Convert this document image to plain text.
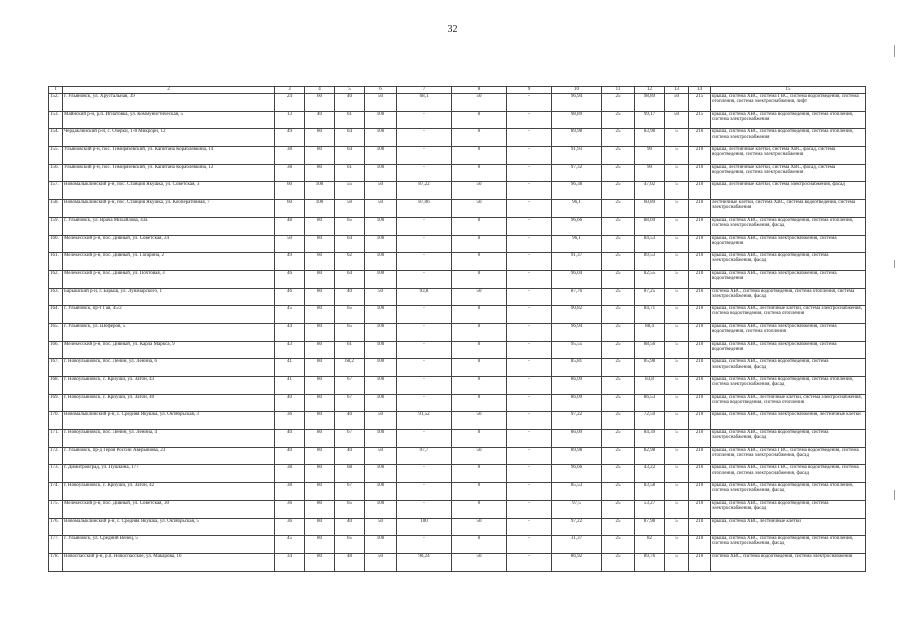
32
1	2	3	4	5	6	7	8	9	10	11	12	13	14	15
152.	г. Ульяновск, ул. Хрустальная, 39	24	60	40	50	68,1	50	-	96,94	25	98,89	50	215	крыша, система ХВС, система ГВС, система водоотведения, система отопления, система электроснабжения, лифт
153.	Майнский р-н, р.п. Игнатовка, ул. Коммунистическая, 5	13	40	61	100	-	0	-	98,89	25	99,17	50	215	крыша, система ХВС, система водоотведения, система отопления, система электроснабжения
154.	Чердаклинский р-н, с. Озёрки, 1-й Микрорн, 12	49	80	64	100	-	0	-	89,98	25	83,98	5	210	крыша, система ХВС, система водоотведения, система отопления, система электроснабжения
155.	Ульяновский р-н, пос. Тимирязевский, ул. Капитана Кораблёвкина, 14	38	80	64	100	-	0	-	91,93	25	90	5	210	крыша, лестничные клетки, система ХВС, фасад, система водоотведения, система электроснабжения
156.	Ульяновский р-н, пос. Тимирязевский, ул. Капитана Кораблёвкина, 12	38	80	61	100	-	0	-	97,32	25	90	5	210	крыша, лестничные клетки, система ХВС, фасад, система водоотведения, система электроснабжения
157.	Новомалыклинский р-н, пос. Станция Якушка, ул. Советская, 3	60	100	55	50	87,22	50	-	96,38	25	47,02	5	210	крыша, лестничные клетки, система электроснабжения, фасад
158.	Новомалыклинский р-н, пос. Станция Якушка, ул. Кооперативная, 7	60	100	50	50	87,06	50	-	96,1	25	60,89	5	210	лестничные клетки, система ХВС, система водоотведения, система электроснабжения
159.	г. Ульяновск, ул. Врача Михайлова, 43а	48	80	65	100	-	0	-	96,66	25	88,69	5	210	крыша, система ХВС, система водоотведения, система отопления, система электроснабжения, фасад
160.	Мелекесский р-н, пос. Дивный, ул. Советская, 24	50	80	64	100	-	0	-	96,1	25	84,53	5	210	крыша, система ХВС, система электроснабжения, система водоотведения
161.	Мелекесский р-н, пос. Дивный, ул. Гагарина, 2	49	60	62	100	-	0	-	91,37	25	89,53	5	210	крыша, система ХВС, система водоотведения, система электроснабжения, фасад
162.	Мелекесский р-н, пос. Дивный, ул. Почтовая, 3	46	80	64	100	-	0	-	96,04	25	82,55	5	210	крыша, система ХВС, система электроснабжения, система водоотведения
163.	Барышский р-н, г. Барыш, ул. Луначарского, 1	46	80	40	50	93,8	50	-	87,76	25	87,25	5	210	система ХВС, система водоотведения, система отопления, система электроснабжения, фасад
164.	г. Ульяновск, пр-т Гая, 45/2	45	80	65	100	-	0	-	90,82	25	84,71	5	210	крыша, система ХВС, лестничные клетки, система электроснабжения, система водоотведения, система отопления
165.	г. Ульяновск, ул. Шофёров, 5	44	80	65	100	-	0	-	96,94	25	88,4	5	210	крыша, система ХВС, система электроснабжения, система водоотведения, система отопления
166.	Мелекесский р-н, пос. Дивный, ул. Карла Маркса, 9	43	80	61	100	-	0	-	95,55	25	88,56	5	210	крыша, система ХВС, система электроснабжения, система водоотведения
167.	г. Новоульяновск, пос. Ленин, ул. Ленина, 6	41	80	68,2	100	-	0	-	85,81	25	85,98	5	210	крыша, система ХВС, система водоотведения, система электроснабжения, фасад
168.	г. Новоульяновск, с. Криуши, ул. Затон, 43	41	80	67	100	-	0	-	86,09	25	83,8	5	210	крыша, система ХВС, система водоотведения, система отопления, система электроснабжения, фасад
169.	г. Новоульяновск, с. Криуши, ул. Затон, 40	40	80	67	100	-	0	-	86,09	25	86,53	5	210	крыша, система ХВС, лестничные клетки, система электроснабжения, система водоотведения, система отопления
170.	Новомалыклинский р-н, с. Средняя Якушка, ул. Октябрьская, 3	36	80	40	50	91,52	50	-	97,22	25	72,59	5	210	крыша, система ХВС, система электроснабжения, лестничные клетки
171.	г. Новоульяновск, пос. Ленин, ул. Ленина, 4	40	80	67	100	-	0	-	86,09	25	84,39	5	210	крыша, система ХВС, система водоотведения, система электроснабжения, фасад
172.	г. Ульяновск, пр-д Героя России Аверьянова, 23	40	80	40	50	97,7	50	-	89,98	25	82,98	5	210	крыша, система ХВС, система ГВС, система водоотведения, система отопления, система электроснабжения, фасад
173.	г. Димитровград, ул. Пушкина, 177	38	80	68	100	-	0	-	96,66	25	43,22	5	210	крыша, система ХВС, система ГВС, система водоотведения, система отопления, система электроснабжения, фасад
174.	г. Новоульяновск, с. Криуши, ул. Затон, 42	38	80	67	100	-	0	-	85,53	25	83,58	5	210	крыша, система ХВС, система водоотведения, система отопления, система электроснабжения, фасад
175.	Мелекесский р-н, пос. Дивный, ул. Советская, 30	36	80	65	100	-	0	-	97,5	25	53,27	5	210	крыша, система ХВС, система водоотведения, система электроснабжения, фасад
176.	Новомалыклинский р-н, с. Средняя Якушка, ул. Октябрьская, 5	36	80	40	50	100	50	-	97,22	25	87,98	5	210	крыша, система ХВС, лестничные клетки
177.	г. Ульяновск, ул. Средний Венец, 5	45	80	65	100	-	0	-	31,37	25	82	5	210	крыша, система ХВС, система водоотведения, система отопления, система электроснабжения, фасад
178.	Новоспасский р-н, р.п. Новоспасское, ул. Макарова, 16	34	80	48	50	90,24	50	-	86,92	25	89,76	5	210	система ХВС, система водоотведения, система электроснабжения
